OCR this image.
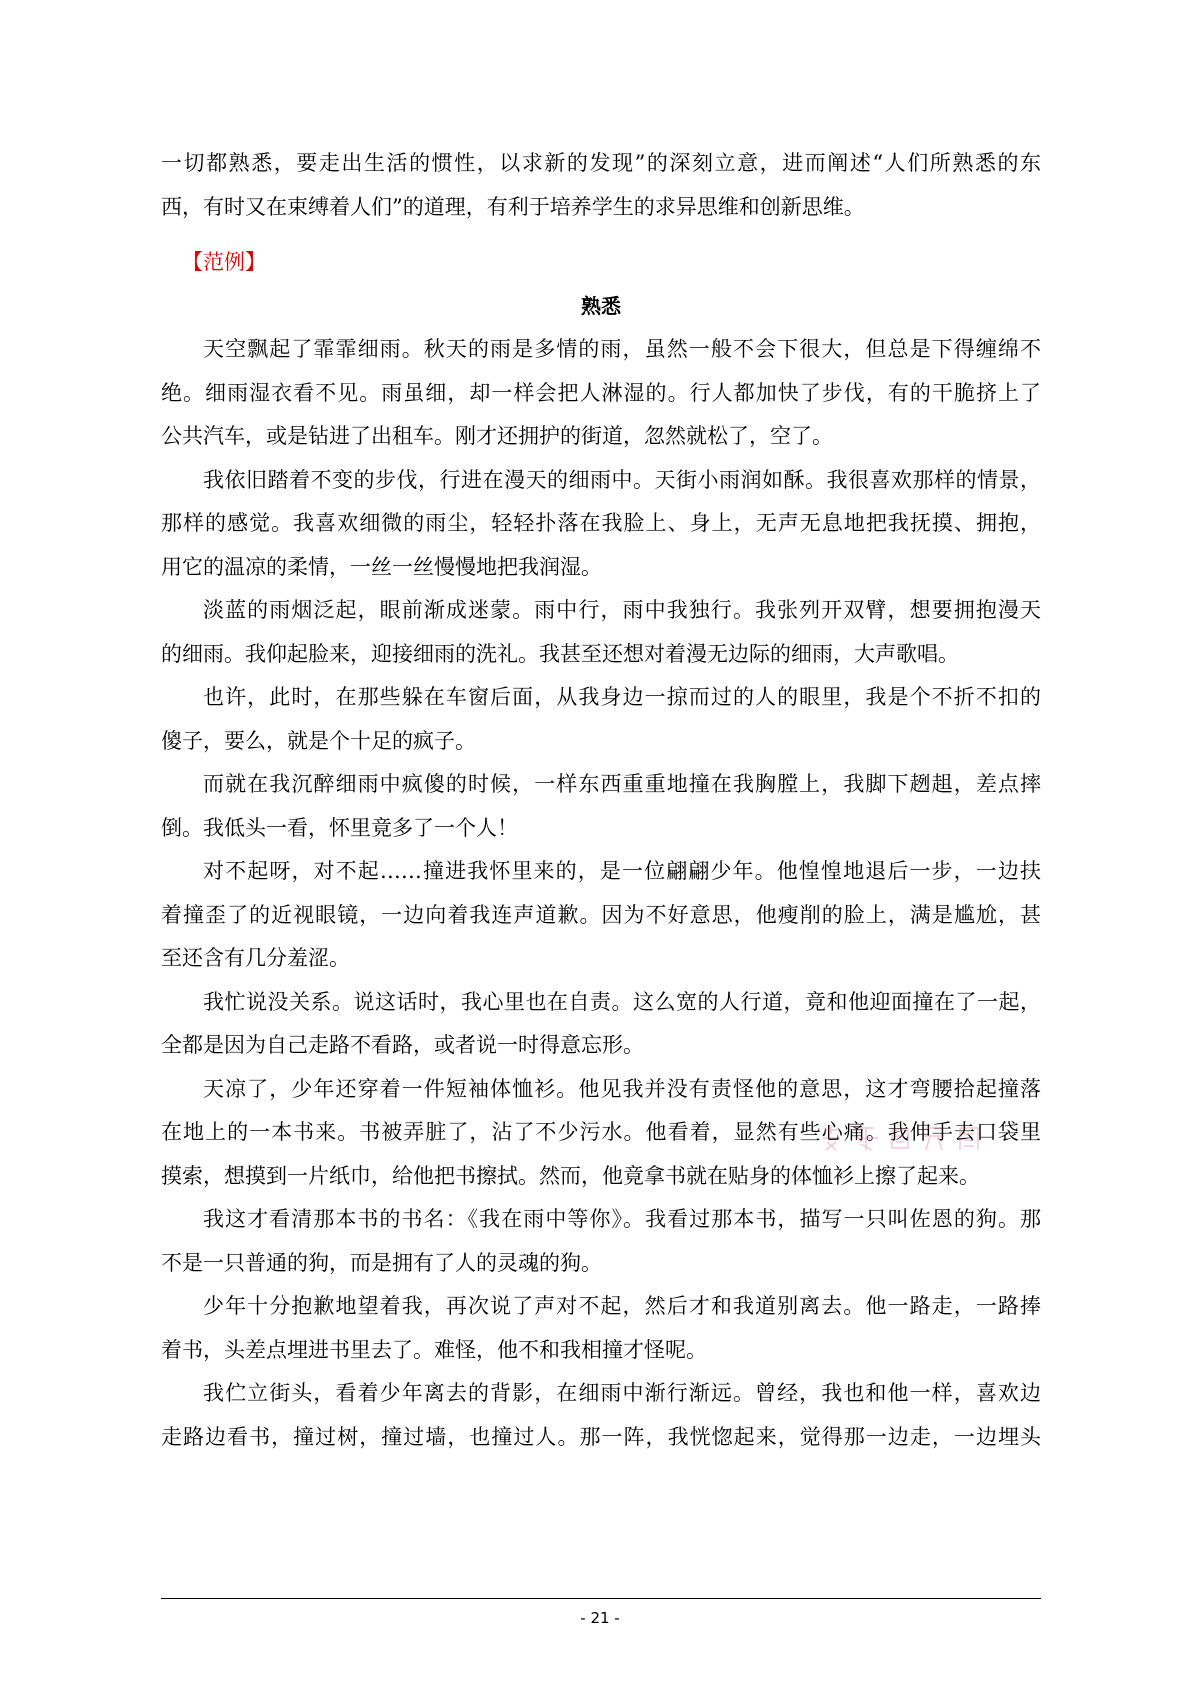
一切都熟悉，要走出生活的惯性，以求新的发现”的深刻立意，进而阐述“人们所熟悉的东
西，有时又在束缚着人们”的道理，有利于培养学生的求异思维和创新思维。
【范例】
熟悉
天空飘起了霏霏细雨。秋天的雨是多情的雨，虽然一般不会下很大，但总是下得缠绵不
绝。细雨湿衣看不见。雨虽细，却一样会把人淋湿的。行人都加快了步伐，有的干脆挤上了
公共汽车，或是钻进了出租车。刚才还拥护的街道，忽然就松了，空了。
我依旧踏着不变的步伐，行进在漫天的细雨中。天街小雨润如酥。我很喜欢那样的情景，
那样的感觉。我喜欢细微的雨尘，轻轻扑落在我脸上、身上，无声无息地把我抚摸、拥抱，
用它的温凉的柔情，一丝一丝慢慢地把我润湿。
淡蓝的雨烟泛起，眼前渐成迷蒙。雨中行，雨中我独行。我张列开双臂，想要拥抱漫天
的细雨。我仰起脸来，迎接细雨的洗礼。我甚至还想对着漫无边际的细雨，大声歌唱。
也许，此时，在那些躲在车窗后面，从我身边一掠而过的人的眼里，我是个不折不扣的
傻子，要么，就是个十足的疯子。
而就在我沉醉细雨中疯傻的时候，一样东西重重地撞在我胸膛上，我脚下趔趄，差点摔
倒。我低头一看，怀里竟多了一个人！
对不起呀，对不起……撞进我怀里来的，是一位翩翩少年。他惶惶地退后一步，一边扶
着撞歪了的近视眼镜，一边向着我连声道歉。因为不好意思，他瘦削的脸上，满是尴尬，甚
至还含有几分羞涩。
我忙说没关系。说这话时，我心里也在自责。这么宽的人行道，竟和他迎面撞在了一起，
全都是因为自己走路不看路，或者说一时得意忘形。
天凉了，少年还穿着一件短袖体恤衫。他见我并没有责怪他的意思，这才弯腰拾起撞落
在地上的一本书来。书被弄脏了，沾了不少污水。他看着，显然有些心痛。我伸手去口袋里
摸索，想摸到一片纸巾，给他把书擦拭。然而，他竟拿书就在贴身的体恤衫上擦了起来。
我这才看清那本书的书名：《我在雨中等你》。我看过那本书，描写一只叫佐恩的狗。那
不是一只普通的狗，而是拥有了人的灵魂的狗。
少年十分抱歉地望着我，再次说了声对不起，然后才和我道别离去。他一路走，一路捧
着书，头差点埋进书里去了。难怪，他不和我相撞才怪呢。
我伫立街头，看着少年离去的背影，在细雨中渐行渐远。曾经，我也和他一样，喜欢边
走路边看书，撞过树，撞过墙，也撞过人。那一阵，我恍惚起来，觉得那一边走，一边埋头
- 21 -
